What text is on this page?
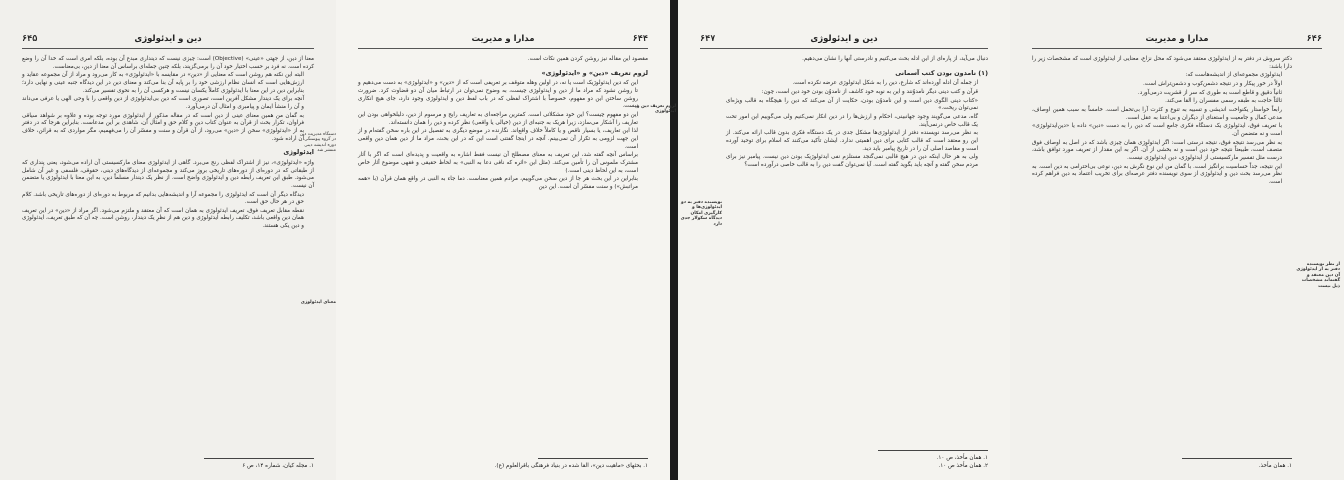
دین و ایدئولوژی
۶۴۵

معنا از دین، از جهتی «عینی» (Objective) است: چیزی نیست که دینداری مبدع آن بوده، بلکه امری است که خدا آن را وضع کرده است. نه فرد بر حسب اختیار خود آن را برمی‌گزیند، بلکه چنین جمله‌ای براساس آن معنا از دین، بی‌معناست.

البته این نکته هم روشن است که معنایی از «دین» در مقایسه با «ایدئولوژی» به کار می‌رود و مراد از آن مجموعه عقاید و ارزش‌هایی است که انسان نظام ارزشی خود را بر پایه آن بنا می‌کند و معنای دین در این دیدگاه جنبه عینی و نهایی دارد؛ بنابراین دین در این معنا با ایدئولوژی کاملاً یکسان نیست و هرکسی آن را به نحوی تفسیر می‌کند.

آنچه برای یک دیندار مشکل آفرین است، تصوری است که دین بی‌ایدئولوژی از دین واقعی را با وحی الهی یا عرفی می‌داند و آن را منشأ ایمان و پیامبری و امثال آن درمی‌آورد.

به گمان من همین معنای عینی از دین است که در مقاله مذکور از ایدئولوژی مورد توجه بوده و علاوه بر شواهد سیاقی فراوان، تکرار بحث از قرآن به عنوان کتاب دین و کلام حق و امثال آن، شاهدی بر این مدعاست. بنابراین هرجا که در دفتر به از «ایدئولوژی» سخن از «دین» می‌رود، از آن قرآن و سنت و مفسّر آن را می‌فهمیم، مگر مواردی که به قرائن، خلاف آن اراده شود.

ایدئولوژی

واژه «ایدئولوژی»، نیز از اشتراک لفظی رنج می‌برد. گاهی از ایدئولوژی معنای مارکسیستی آن اراده می‌شود، یعنی پنداری که از طبقاتی که در دوره‌ای از دوره‌های تاریخی بروز می‌کند و مجموعه‌ای از دیدگاه‌های دینی، حقوقی، فلسفی و غیر آن شامل می‌شود. طبق این تعریف رابطه دین و ایدئولوژی واضح است. از نظر یک دیندار مسلماً دین، به این معنا با ایدئولوژی یا متضمن آن نیست.

دیدگاه دیگر آن است که ایدئولوژی را مجموعه آرا و اندیشه‌هایی بدانیم که مربوط به دوره‌ای از دوره‌های تاریخی باشد. کلام حق در هر حال حق است.

نقطه مقابل تعریف فوق، تعریف ایدئولوژی به همان است که آن معتقد و ملتزم می‌شود. اگر مراد از «دین» در این تعریف همان دین واقعی باشد، تکلیف رابطه ایدئولوژی و دین هم از نظرِ یک دیندار، روشن است. چه آن که طبق تعریف، ایدئولوژی و دین یکی هستند.

۱. مجله کیان، شماره ۱۴، ص ۶
دستگاه مدیریت دین در گروه پیوستگی دوره اندیشه دینی منتشر شد
معنای ایدئولوژی
مدارا و مدیریت	۶۴۴

مقصود این مقاله نیز روشن کردن همین نکات است.

لزوم تعریف «دین» و «ایدئولوژی»

این که دین ایدئولوژیک است یا نه، در اولین وهله متوقف بر تعریفی است که از «دین» و «ایدئولوژی» به دست می‌دهیم و تا روشن نشود که مراد ما از دین و ایدئولوژی چیست، به وضوح نمی‌توان در ارتباط میان آن دو قضاوت کرد. ضرورت روشن ساختن این دو مفهوم، خصوصاً با اشتراک لفظی که در باب لفظ دین و ایدئولوژی وجود دارد، جای هیچ انکاری نیست.

این دو مفهوم چیست؟ این خود مشکلاتی است. کمترین مراجعه‌ای به تعاریف رایج و مرسوم از دین، دلیلخواهی بودن این تعاریف را آشکار می‌سازد، زیرا هریک به جنبه‌ای از دین (خیالی یا واقعی) نظر کرده و دین را همان دانسته‌اند.

لذا این تعاریف، یا بسیار ناقص و یا کاملاً خلاف واقع‌اند. نگارنده در موضع دیگری به تفصیل در این باره سخن گفته‌ام و از این جهت لزومی به تکرار آن نمی‌بینم. آنچه در اینجا گفتنی است این که در این بحث، مراد ما از دین همان دین واقعی است.

براساس آنچه گفته شد، این تعریف به معنای مصطلح آن نیست فقط اشاره به واقعیت و پدیده‌ای است که اگر با آثار مشترک ملموس آن را تأمین می‌کند. (مثل این «اثره که نافی دعا به النبی» به لحاظ حقیقی و فقهی موضوع آثار خاص است، به این لحاظ دینی است.)

بنابراین در این بحث هر جا از دین سخن می‌گوییم، مرادم همین معناست. دما جاء به النبی در واقع همان قرآن (با «همه مراتبش») و سنت مفسّر آن است. این دین

۱. بحثهای «ماهیت دین»، القا شده در بنیاد فرهنگی باقرالعلوم (ع).
لزوم تعریف دین و ایدئولوژی
دین و ایدئولوژی
۶۴۷

دنبال می‌آید، از پاره‌ای از این ادله بحث می‌کنیم و نادرستی آنها را نشان می‌دهیم.

(۱) نامدون بودن کتب آسمانی

از جمله آن ادله آورده‌اند که شارع، دین را به شکل ایدئولوژی عرضه نکرده است.

قرآن و کتب دینی دیگر نامدوّنند و این به نوبه خود کاشف از نامدوّن بودن خود دین است، چون:

«کتاب دینی الگوی دین است و این نامدوّن بودن، حکایت از آن می‌کند که دین را هیچگاه به قالب ویژه‌ای نمی‌توان ریخت.»

گاه، مدعی می‌گویند وجود جهانبینی، احکام و ارزش‌ها را در دین انکار نمی‌کنیم ولی می‌گوییم این امور تحت یک قالب خاص درنمی‌آیند.

به نظر می‌رسد نویسنده دفتر از ایدئولوژی‌ها مشکل جدی در یک دستگاه فکری بدون قالب ارائه می‌کند. از این رو معتقد است که قالب کتابی برای دین اهمیتی ندارد. ایشان تأکید می‌کنند که اسلام برای توحید آورده است و مقاصد اصلی آن را در تاریخ پیامبر باید دید.

ولی به هر حال اینکه دین در هیچ قالبی نمی‌گنجد مستلزم نفی ایدئولوژیک بودن دین نیست. پیامبر نیز برای مردم سخن گفته و آنچه باید بگوید گفته است. آیا نمی‌توان گفت دین را به قالب خاصی درآورده است؟

۱. همان مأخذ، ص ۱۰.
۲. همان مأخذ ص ۱۰.
نویسنده دفتر به دو ایدئولوژی‌ها و کارگیری امکان دیدگاه سکولار جدی دارد
مدارا و مدیریت	۶۴۶

دکتر سروش در دفتر به از ایدئولوژی معتقد می‌شود که محل نزاع، معنایی از ایدئولوژی است که مشخصات زیر را دارا باشد:

ایدئولوژی مجموعه‌ای از اندیشه‌هاست که:

اولاً در خور پیکار و در نتیجه دشمن‌کوب و دشمن‌تراش است.

ثانیاً دقیق و قاطع است به طوری که سر از قشریت درمی‌آورد.

ثالثاً حاجت به طبقه رسمی مفسران را القا می‌کند.

رابعاً خواستار یکنواخت اندیشی و تسبیه به تنوع و کثرت آرا بی‌تحمل است. خامساً به سبب همین اوصاف، مدعی کمال و جامعیت و استغنای از دیگران و بی‌اعتنا به عقل است.

با تعریف فوق، ایدئولوژی یک دستگاه فکری جامع است که دین را به دست «دین» داده یا «دین‌ایدئولوژی» است و نه متضمن آن.

به نظر می‌رسد نتیجه فوق، نتیجه درستی است: اگر ایدئولوژی همان چیزی باشد که در اصل به اوصاف فوق متصف است، طبیعتاً نتیجه خود دین است و نه بخشی از آن. اگر به این مقدار از تعریف مورد توافق باشد، درست مثل تفسیر مارکسیستی از ایدئولوژی، دین ایدئولوژی نیست.

این نتیجه، جداً حساسیت برانگیز است. با گمان من این نوع نگرش به دین، نوعی بی‌احترامی به دین است. به نظر می‌رسد بحث دین و ایدئولوژی از سوی نویسنده دفتر عرصه‌ای برای تخریب اعتماد به دین فراهم کرده است.

۱. همان مأخذ.
از نظر نویسنده دفتر به از ایدئولوژی آن دین معتقد و گفته‌اند مشخصات ذیل نیست
